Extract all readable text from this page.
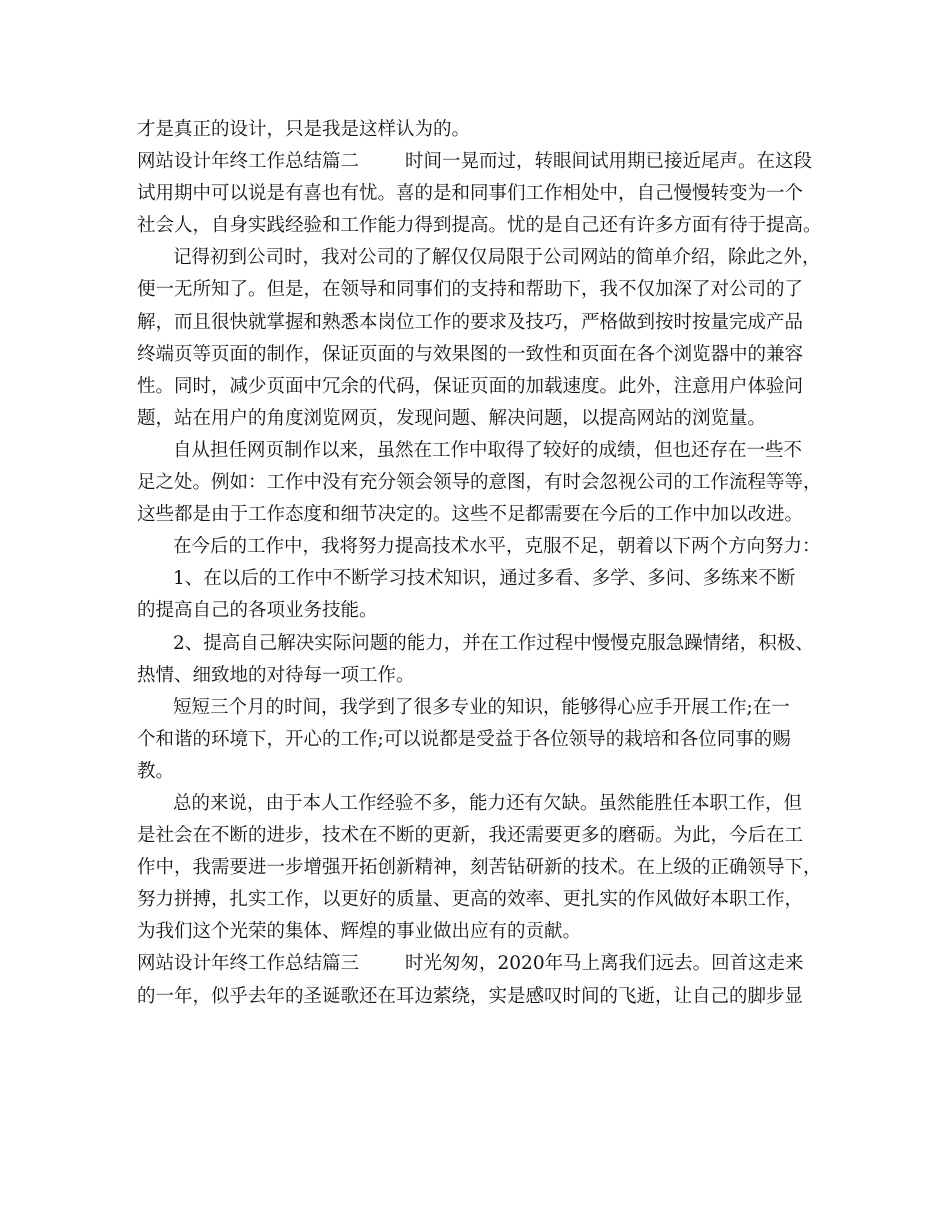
才是真正的设计，只是我是这样认为的。
网站设计年终工作总结篇二 时间一晃而过，转眼间试用期已接近尾声。在这段
试用期中可以说是有喜也有忧。喜的是和同事们工作相处中，自己慢慢转变为一个
社会人，自身实践经验和工作能力得到提高。忧的是自己还有许多方面有待于提高。
记得初到公司时，我对公司的了解仅仅局限于公司网站的简单介绍，除此之外，
便一无所知了。但是，在领导和同事们的支持和帮助下，我不仅加深了对公司的了
解，而且很快就掌握和熟悉本岗位工作的要求及技巧，严格做到按时按量完成产品
终端页等页面的制作，保证页面的与效果图的一致性和页面在各个浏览器中的兼容
性。同时，减少页面中冗余的代码，保证页面的加载速度。此外，注意用户体验问
题，站在用户的角度浏览网页，发现问题、解决问题，以提高网站的浏览量。
自从担任网页制作以来，虽然在工作中取得了较好的成绩，但也还存在一些不
足之处。例如：工作中没有充分领会领导的意图，有时会忽视公司的工作流程等等，
这些都是由于工作态度和细节决定的。这些不足都需要在今后的工作中加以改进。
在今后的工作中，我将努力提高技术水平，克服不足，朝着以下两个方向努力：
1、在以后的工作中不断学习技术知识，通过多看、多学、多问、多练来不断
的提高自己的各项业务技能。
2、提高自己解决实际问题的能力，并在工作过程中慢慢克服急躁情绪，积极、
热情、细致地的对待每一项工作。
短短三个月的时间，我学到了很多专业的知识，能够得心应手开展工作;在一
个和谐的环境下，开心的工作;可以说都是受益于各位领导的栽培和各位同事的赐
教。
总的来说，由于本人工作经验不多，能力还有欠缺。虽然能胜任本职工作，但
是社会在不断的进步，技术在不断的更新，我还需要更多的磨砺。为此，今后在工
作中，我需要进一步增强开拓创新精神，刻苦钻研新的技术。在上级的正确领导下，
努力拼搏，扎实工作，以更好的质量、更高的效率、更扎实的作风做好本职工作，
为我们这个光荣的集体、辉煌的事业做出应有的贡献。
网站设计年终工作总结篇三 时光匆匆，2020年马上离我们远去。回首这走来
的一年，似乎去年的圣诞歌还在耳边萦绕，实是感叹时间的飞逝，让自己的脚步显
